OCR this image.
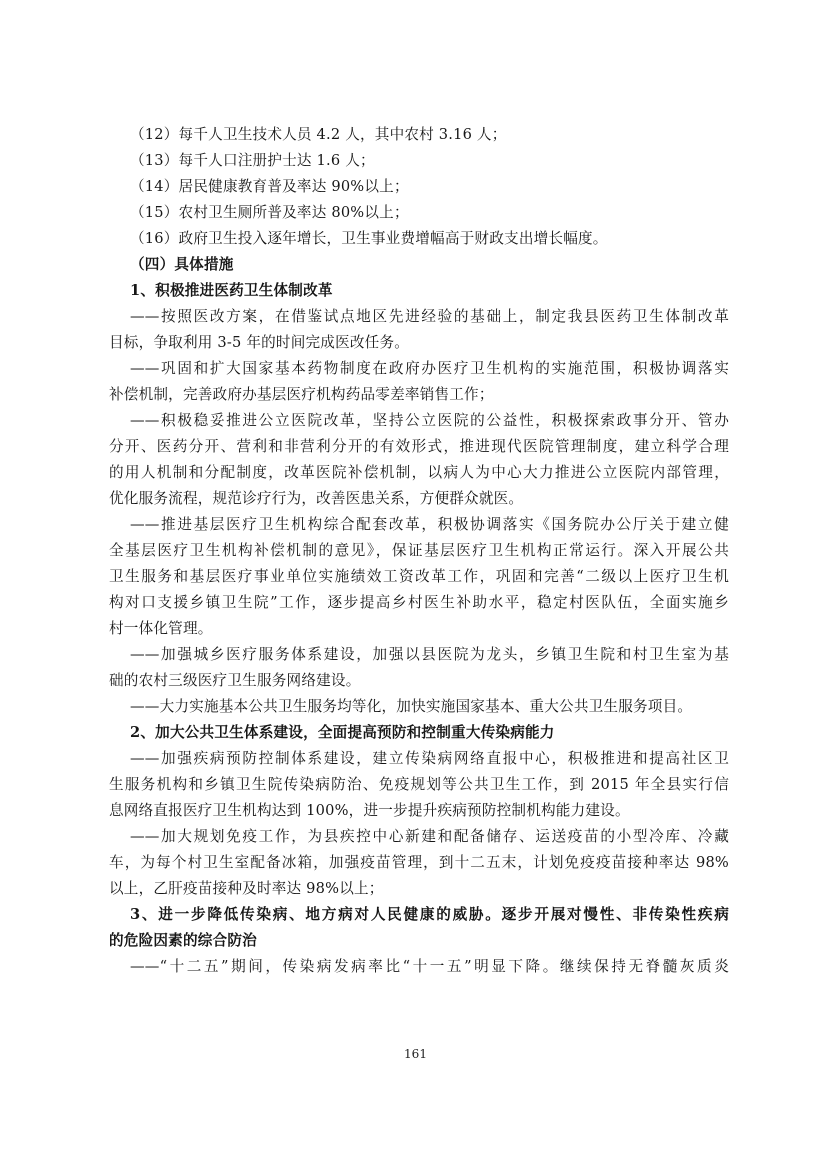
（12）每千人卫生技术人员 4.2 人，其中农村 3.16 人；
（13）每千人口注册护士达 1.6 人；
（14）居民健康教育普及率达 90%以上；
（15）农村卫生厕所普及率达 80%以上；
（16）政府卫生投入逐年增长，卫生事业费增幅高于财政支出增长幅度。
（四）具体措施
1、积极推进医药卫生体制改革
——按照医改方案，在借鉴试点地区先进经验的基础上，制定我县医药卫生体制改革
目标，争取利用 3-5 年的时间完成医改任务。
——巩固和扩大国家基本药物制度在政府办医疗卫生机构的实施范围，积极协调落实
补偿机制，完善政府办基层医疗机构药品零差率销售工作；
——积极稳妥推进公立医院改革，坚持公立医院的公益性，积极探索政事分开、管办
分开、医药分开、营利和非营利分开的有效形式，推进现代医院管理制度，建立科学合理
的用人机制和分配制度，改革医院补偿机制，以病人为中心大力推进公立医院内部管理，
优化服务流程，规范诊疗行为，改善医患关系，方便群众就医。
——推进基层医疗卫生机构综合配套改革，积极协调落实《国务院办公厅关于建立健
全基层医疗卫生机构补偿机制的意见》，保证基层医疗卫生机构正常运行。深入开展公共
卫生服务和基层医疗事业单位实施绩效工资改革工作，巩固和完善“二级以上医疗卫生机
构对口支援乡镇卫生院”工作，逐步提高乡村医生补助水平，稳定村医队伍，全面实施乡
村一体化管理。
——加强城乡医疗服务体系建设，加强以县医院为龙头，乡镇卫生院和村卫生室为基
础的农村三级医疗卫生服务网络建设。
——大力实施基本公共卫生服务均等化，加快实施国家基本、重大公共卫生服务项目。
2、加大公共卫生体系建设，全面提高预防和控制重大传染病能力
——加强疾病预防控制体系建设，建立传染病网络直报中心，积极推进和提高社区卫
生服务机构和乡镇卫生院传染病防治、免疫规划等公共卫生工作，到 2015 年全县实行信
息网络直报医疗卫生机构达到 100%，进一步提升疾病预防控制机构能力建设。
——加大规划免疫工作，为县疾控中心新建和配备储存、运送疫苗的小型冷库、冷藏
车，为每个村卫生室配备冰箱，加强疫苗管理，到十二五末，计划免疫疫苗接种率达 98%
以上，乙肝疫苗接种及时率达 98%以上；
3、进一步降低传染病、地方病对人民健康的威胁。逐步开展对慢性、非传染性疾病
的危险因素的综合防治
——“十二五”期间，传染病发病率比“十一五”明显下降。继续保持无脊髓灰质炎
161
